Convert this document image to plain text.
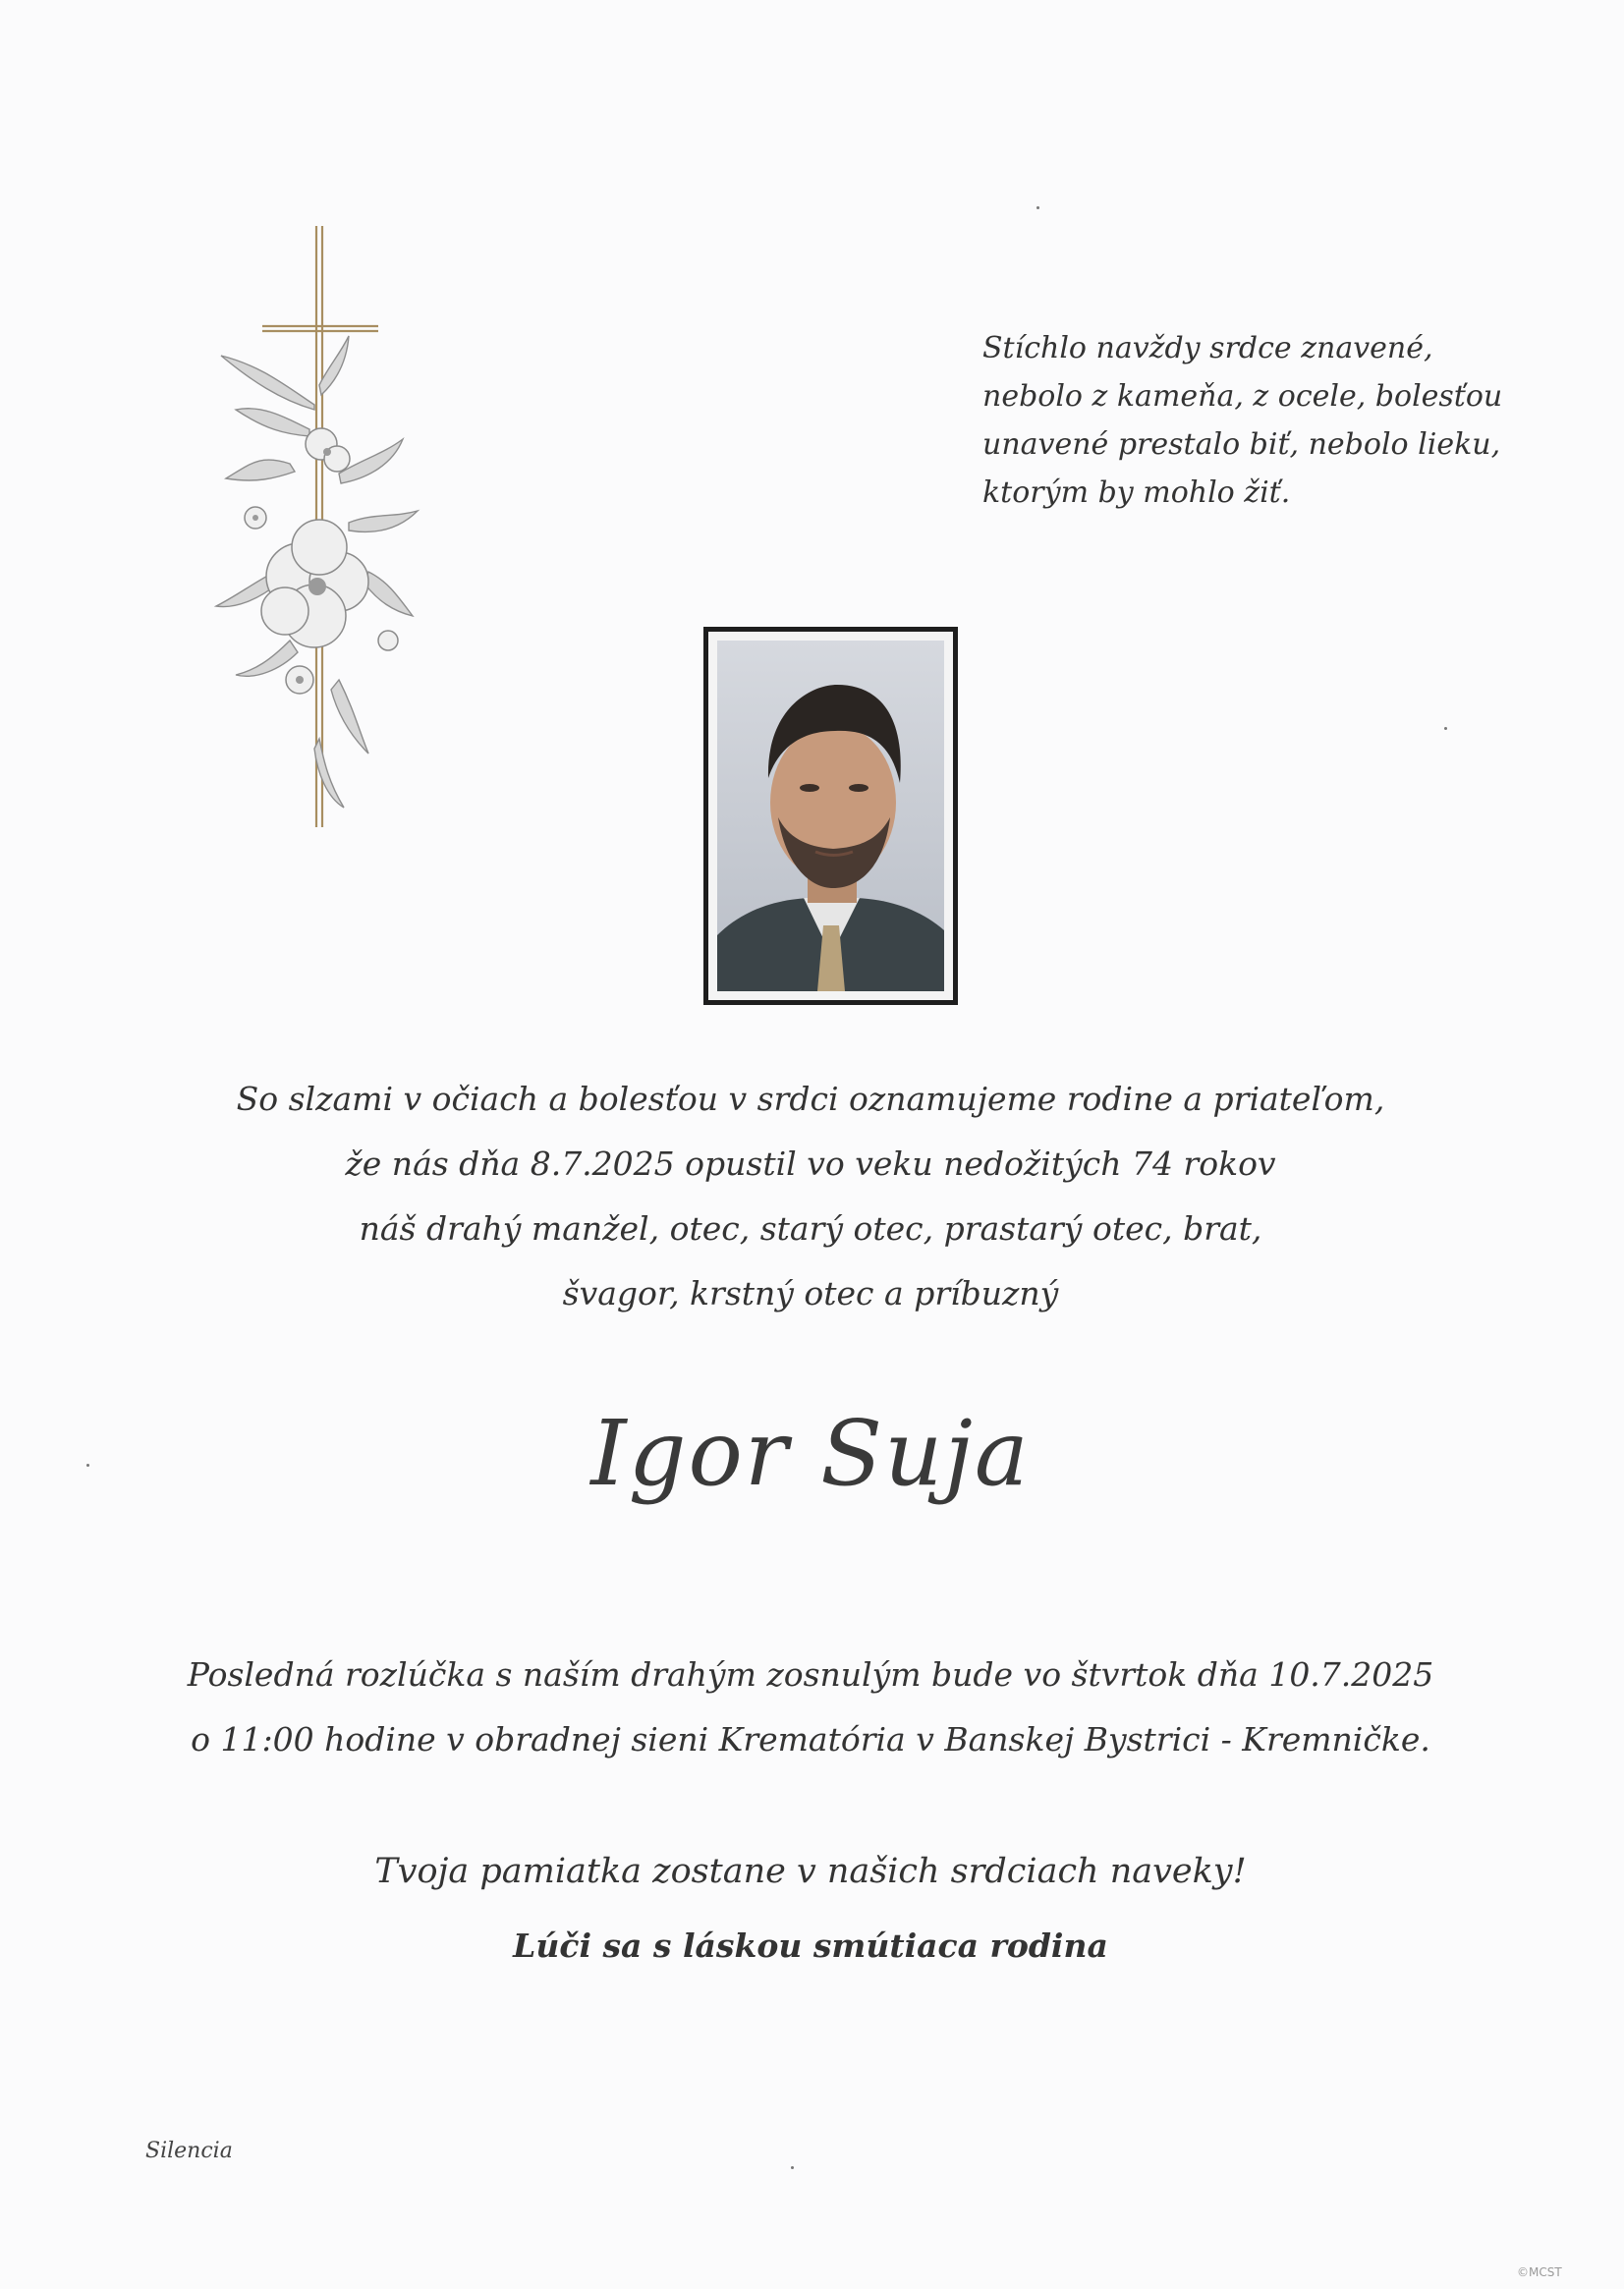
Stíchlo navždy srdce znavené,
nebolo z kameňa, z ocele, bolesťou
unavené prestalo biť, nebolo lieku,
ktorým by mohlo žiť.
So slzami v očiach a bolesťou v srdci oznamujeme rodine a priateľom,
že nás dňa 8.7.2025 opustil vo veku nedožitých 74 rokov
náš drahý manžel, otec, starý otec, prastarý otec, brat,
švagor, krstný otec a príbuzný
Igor Suja
Posledná rozlúčka s naším drahým zosnulým bude vo štvrtok dňa 10.7.2025
o 11:00 hodine v obradnej sieni Krematória v Banskej Bystrici - Kremničke.
Tvoja pamiatka zostane v našich srdciach naveky!
Lúči sa s láskou smútiaca rodina
Silencia
©MCST
